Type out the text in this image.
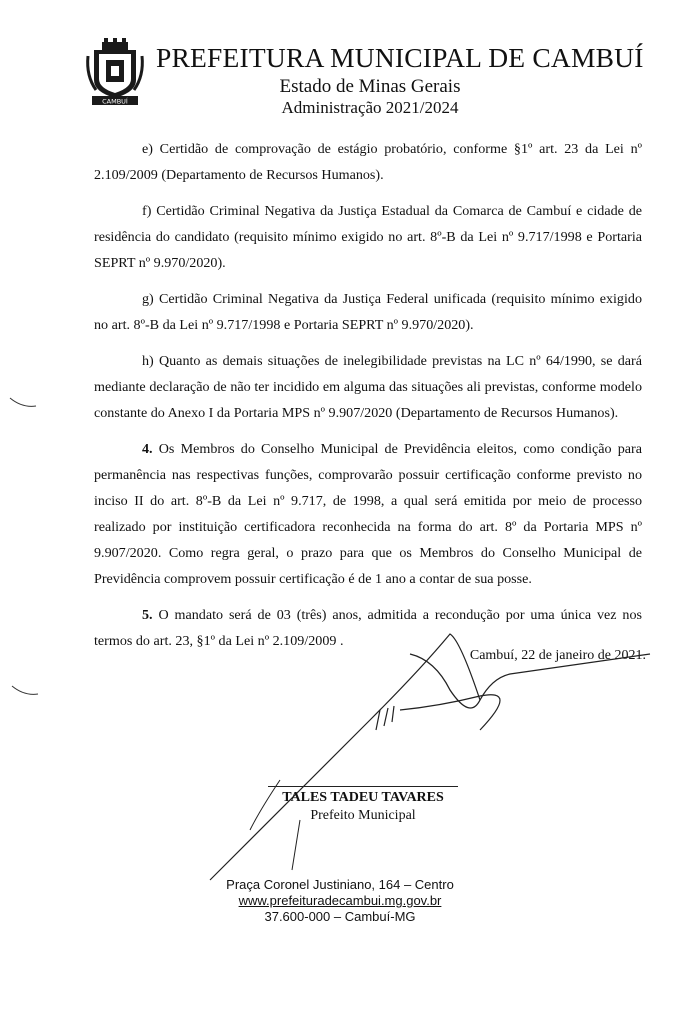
CAMBUÍ
PREFEITURA MUNICIPAL DE CAMBUÍ
Estado de Minas Gerais
Administração 2021/2024

e) Certidão de comprovação de estágio probatório, conforme §1º art. 23 da Lei nº 2.109/2009 (Departamento de Recursos Humanos).

f) Certidão Criminal Negativa da Justiça Estadual da Comarca de Cambuí e cidade de residência do candidato (requisito mínimo exigido no art. 8º-B da Lei nº 9.717/1998 e Portaria SEPRT nº 9.970/2020).

g) Certidão Criminal Negativa da Justiça Federal unificada (requisito mínimo exigido no art. 8º-B da Lei nº 9.717/1998 e Portaria SEPRT nº 9.970/2020).

h) Quanto as demais situações de inelegibilidade previstas na LC nº 64/1990, se dará mediante declaração de não ter incidido em alguma das situações ali previstas, conforme modelo constante do Anexo I da Portaria MPS nº 9.907/2020 (Departamento de Recursos Humanos).

4. Os Membros do Conselho Municipal de Previdência eleitos, como condição para permanência nas respectivas funções, comprovarão possuir certificação conforme previsto no inciso II do art. 8º-B da Lei nº 9.717, de 1998, a qual será emitida por meio de processo realizado por instituição certificadora reconhecida na forma do art. 8º da Portaria MPS nº 9.907/2020. Como regra geral, o prazo para que os Membros do Conselho Municipal de Previdência comprovem possuir certificação é de 1 ano a contar de sua posse.

5. O mandato será de 03 (três) anos, admitida a recondução por uma única vez nos termos do art. 23, §1º da Lei nº 2.109/2009 .

Cambuí, 22 de janeiro de 2021.
TALES TADEU TAVARES
Prefeito Municipal
Praça Coronel Justiniano, 164 – Centro
www.prefeituradecambui.mg.gov.br
37.600-000 – Cambuí-MG
